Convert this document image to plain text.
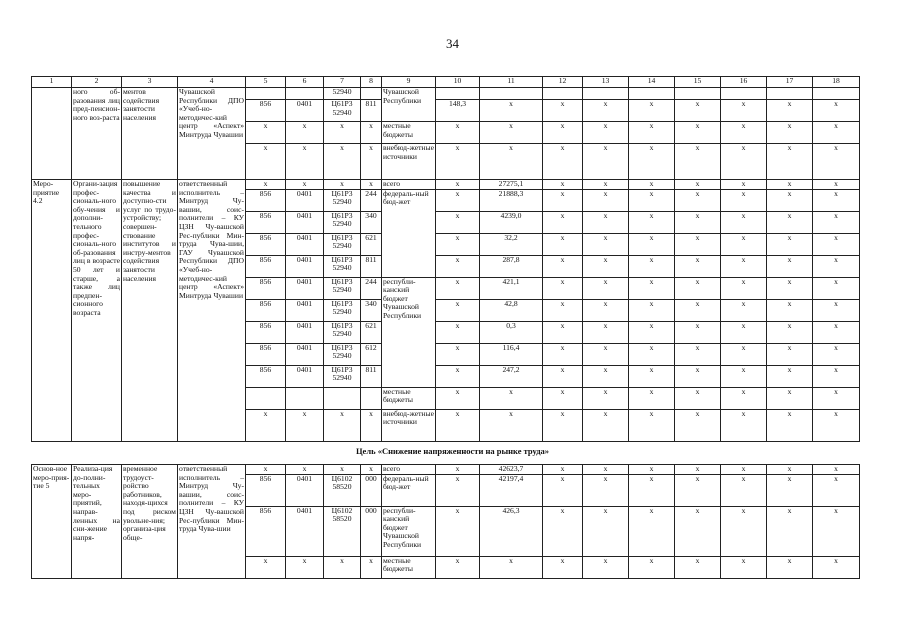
34
1	2	3	4	5	6	7	8	9	10	11	12	13	14	15	16	17	18
	ного об-разования лиц пред-пенсион-ного воз-раста	ментов содействия занятости населения	Чувашской Республики ДПО «Учеб-но-методичес-кий центр «Аспект» Минтруда Чувашии			52940		Чувашской Республики									
				856	0401	Ц61Р3 52940	811		148,3	х	х	х	х	х	х	х	х
				х	х	х	х	местные бюджеты	х	х	х	х	х	х	х	х	х
				х	х	х	х	внебюд-жетные источники	х	х	х	х	х	х	х	х	х
Меро-приятие 4.2	Органи-зация профес-сиональ-ного обу-чения и дополни-тельного профес-сиональ-ного об-разования лиц в возрасте 50 лет и старше, а также лиц предпен-сионного возраста	повышение качества и доступно-сти услуг по трудо-устройству; совершен-ствование институтов и инстру-ментов содействия занятости населения	ответственный исполнитель – Минтруд Чу-вашии, соис-полнители – КУ ЦЗН Чу-вашской Рес-публики Мин-труда Чува-шии, ГАУ Чувашской Республики ДПО «Учеб-но-методичес-кий центр «Аспект» Минтруда Чувашии	х	х	х	х	всего	х	27275,1	х	х	х	х	х	х	х
				856	0401	Ц61Р3 52940	244	федераль-ный бюд-жет	х	21888,3	х	х	х	х	х	х	х
				856	0401	Ц61Р3 52940	340		х	4239,0	х	х	х	х	х	х	х
				856	0401	Ц61Р3 52940	621		х	32,2	х	х	х	х	х	х	х
				856	0401	Ц61Р3 52940	811		х	287,8	х	х	х	х	х	х	х
				856	0401	Ц61Р3 52940	244	республи-канский бюджет Чувашской Республики	х	421,1	х	х	х	х	х	х	х
				856	0401	Ц61Р3 52940	340		х	42,8	х	х	х	х	х	х	х
				856	0401	Ц61Р3 52940	621		х	0,3	х	х	х	х	х	х	х
				856	0401	Ц61Р3 52940	612		х	116,4	х	х	х	х	х	х	х
				856	0401	Ц61Р3 52940	811		х	247,2	х	х	х	х	х	х	х
								местные бюджеты	х	х	х	х	х	х	х	х	х
				х	х	х	х	внебюд-жетные источники	х	х	х	х	х	х	х	х	х
Цель «Снижение напряженности на рынке труда»
Основ-ное меро-прия-тие 5	Реализа-ция до-полни-тельных меро-приятий, направ-ленных на сни-жение напря-	временное трудоуст-ройство работников, находя-щихся под риском увольне-ния; организа-ция обще-	ответственный исполнитель – Минтруд Чу-вашии, соис-полнители – КУ ЦЗН Чу-вашской Рес-публики Мин-труда Чува-шии	х	х	х	х	всего	х	42623,7	х	х	х	х	х	х	х
				856	0401	Ц6102 58520	000	федераль-ный бюд-жет	х	42197,4	х	х	х	х	х	х	х
				856	0401	Ц6102 58520	000	республи-канский бюджет Чувашской Республики	х	426,3	х	х	х	х	х	х	х
				х	х	х	х	местные бюджеты	х	х	х	х	х	х	х	х	х
